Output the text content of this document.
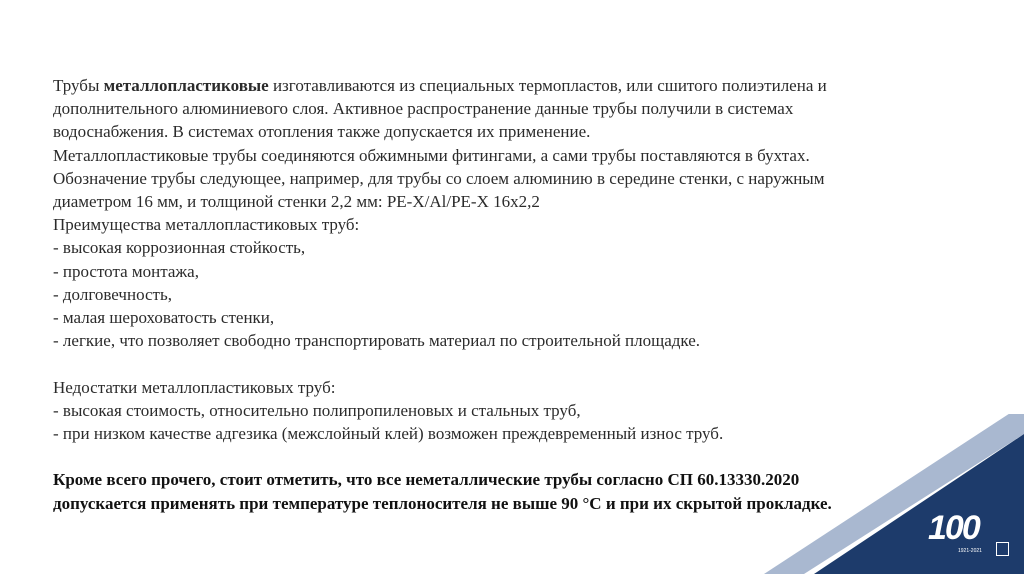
100
1921-2021
Трубы металлопластиковые изготавливаются из специальных термопластов, или сшитого полиэтилена и
дополнительного алюминиевого слоя. Активное распространение данные трубы получили в системах
водоснабжения. В системах отопления также допускается их применение.
Металлопластиковые трубы соединяются обжимными фитингами, а сами трубы поставляются в бухтах.
Обозначение трубы следующее, например, для трубы со слоем алюминию в середине стенки, с наружным
диаметром 16 мм, и толщиной стенки 2,2 мм: PE-X/Al/PE-X 16x2,2
Преимущества металлопластиковых труб:
- высокая коррозионная стойкость,
- простота монтажа,
- долговечность,
- малая шероховатость стенки,
- легкие, что позволяет свободно транспортировать материал по строительной площадке.
Недостатки металлопластиковых труб:
- высокая стоимость, относительно полипропиленовых и стальных труб,
- при низком качестве адгезика (межслойный клей) возможен преждевременный износ труб.
Кроме всего прочего, стоит отметить, что все неметаллические трубы согласно СП 60.13330.2020
допускается применять при температуре теплоносителя не выше 90 °С и при их скрытой прокладке.
